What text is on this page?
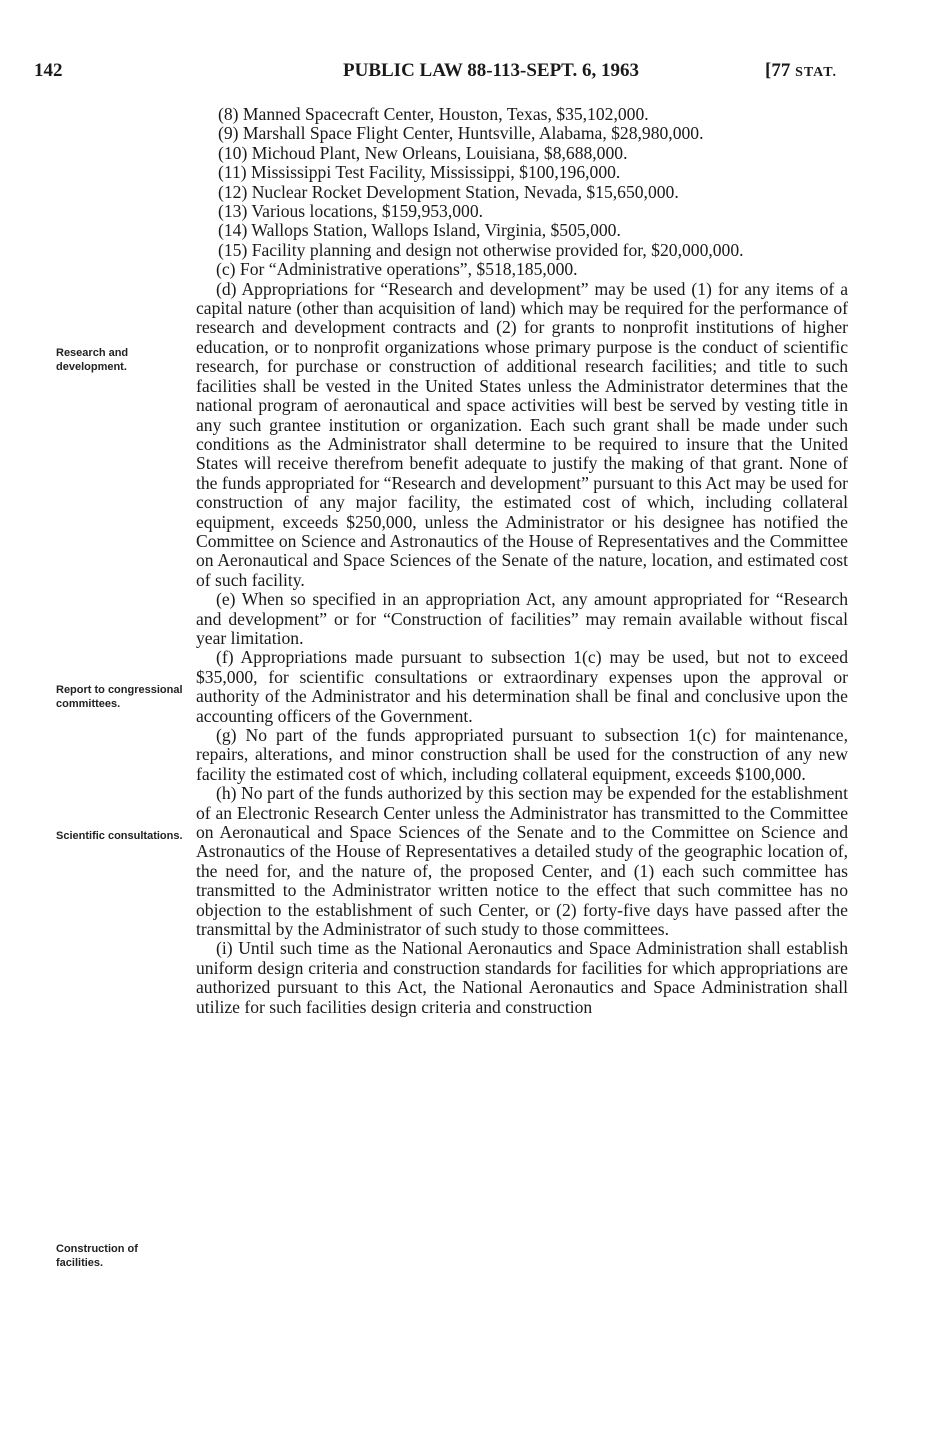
142	PUBLIC LAW 88-113-SEPT. 6, 1963	[77 STAT.
Research and development.
Report to congressional committees.
Scientific consultations.
Construction of facilities.

(8) Manned Spacecraft Center, Houston, Texas, $35,102,000.

(9) Marshall Space Flight Center, Huntsville, Alabama, $28,980,000.

(10) Michoud Plant, New Orleans, Louisiana, $8,688,000.

(11) Mississippi Test Facility, Mississippi, $100,196,000.

(12) Nuclear Rocket Development Station, Nevada, $15,650,000.

(13) Various locations, $159,953,000.

(14) Wallops Station, Wallops Island, Virginia, $505,000.

(15) Facility planning and design not otherwise provided for, $20,000,000.

(c) For “Administrative operations”, $518,185,000.

(d) Appropriations for “Research and development” may be used (1) for any items of a capital nature (other than acquisition of land) which may be required for the performance of research and development contracts and (2) for grants to nonprofit institutions of higher education, or to nonprofit organizations whose primary purpose is the conduct of scientific research, for purchase or construction of additional research facilities; and title to such facilities shall be vested in the United States unless the Administrator determines that the national program of aeronautical and space activities will best be served by vesting title in any such grantee institution or organization. Each such grant shall be made under such conditions as the Administrator shall determine to be required to insure that the United States will receive therefrom benefit adequate to justify the making of that grant. None of the funds appropriated for “Research and development” pursuant to this Act may be used for construction of any major facility, the estimated cost of which, including collateral equipment, exceeds $250,000, unless the Administrator or his designee has notified the Committee on Science and Astronautics of the House of Representatives and the Committee on Aeronautical and Space Sciences of the Senate of the nature, location, and estimated cost of such facility.

(e) When so specified in an appropriation Act, any amount appropriated for “Research and development” or for “Construction of facilities” may remain available without fiscal year limitation.

(f) Appropriations made pursuant to subsection 1(c) may be used, but not to exceed $35,000, for scientific consultations or extraordinary expenses upon the approval or authority of the Administrator and his determination shall be final and conclusive upon the accounting officers of the Government.

(g) No part of the funds appropriated pursuant to subsection 1(c) for maintenance, repairs, alterations, and minor construction shall be used for the construction of any new facility the estimated cost of which, including collateral equipment, exceeds $100,000.

(h) No part of the funds authorized by this section may be expended for the establishment of an Electronic Research Center unless the Administrator has transmitted to the Committee on Aeronautical and Space Sciences of the Senate and to the Committee on Science and Astronautics of the House of Representatives a detailed study of the geographic location of, the need for, and the nature of, the proposed Center, and (1) each such committee has transmitted to the Administrator written notice to the effect that such committee has no objection to the establishment of such Center, or (2) forty-five days have passed after the transmittal by the Administrator of such study to those committees.

(i) Until such time as the National Aeronautics and Space Administration shall establish uniform design criteria and construction standards for facilities for which appropriations are authorized pursuant to this Act, the National Aeronautics and Space Administration shall utilize for such facilities design criteria and construction
